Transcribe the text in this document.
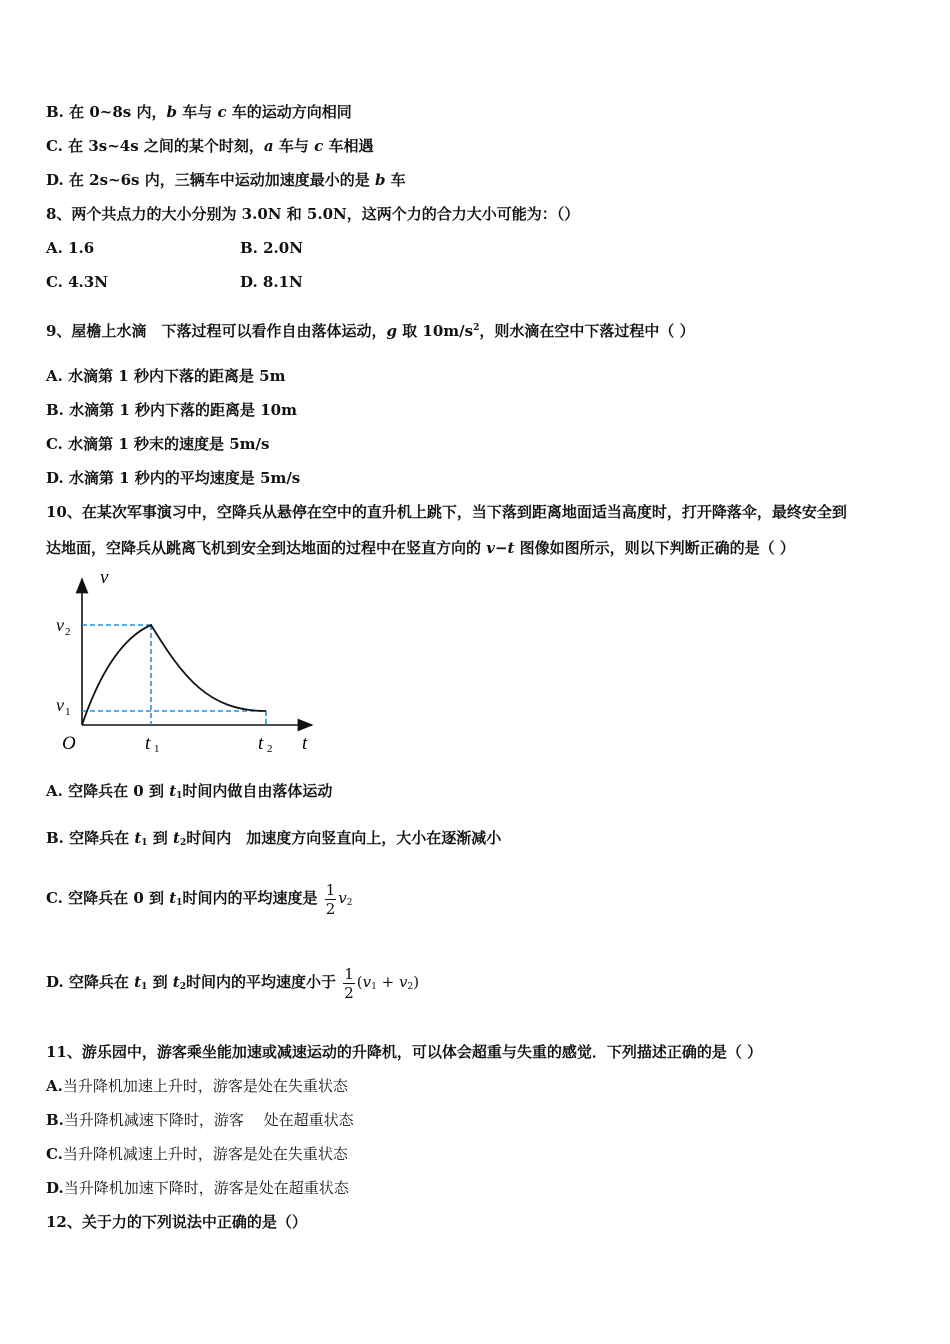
B. 在 0~8s 内，b 车与 c 车的运动方向相同
C. 在 3s~4s 之间的某个时刻，a 车与 c 车相遇
D. 在 2s~6s 内，三辆车中运动加速度最小的是 b 车
8、两个共点力的大小分别为 3.0N 和 5.0N，这两个力的合力大小可能为：（）
A. 1.6	B. 2.0N
C. 4.3N	D. 8.1N
9、屋檐上水滴　下落过程可以看作自由落体运动，g 取 $10m/s^2$，则水滴在空中下落过程中（ ）
A. 水滴第 1 秒内下落的距离是 5m
B. 水滴第 1 秒内下落的距离是 10m
C. 水滴第 1 秒末的速度是 5m/s
D. 水滴第 1 秒内的平均速度是 5m/s
10、在某次军事演习中，空降兵从悬停在空中的直升机上跳下，当下落到距离地面适当高度时，打开降落伞，最终安全到
达地面，空降兵从跳离飞机到安全到达地面的过程中在竖直方向的 v−t 图像如图所示，则以下判断正确的是（ ）
v
t
O
v 2
v 1
t 1	t 2
A. 空降兵在 0 到 $t_1$时间内做自由落体运动
B. 空降兵在 $t_1$ 到 $t_2$时间内　加速度方向竖直向上，大小在逐渐减小
C. 空降兵在 0 到 $t_1$时间内的平均速度是 $\frac{1}{2} v_2$
D. 空降兵在 $t_1$ 到 $t_2$时间内的平均速度小于 $\frac{1}{2} (v_1 + v_2)$
11、游乐园中，游客乘坐能加速或减速运动的升降机，可以体会超重与失重的感觉．下列描述正确的是（ ）
A.当升降机加速上升时，游客是处在失重状态
B.当升降机减速下降时，游客　 处在超重状态
C.当升降机减速上升时，游客是处在失重状态
D.当升降机加速下降时，游客是处在超重状态
12、关于力的下列说法中正确的是（）
